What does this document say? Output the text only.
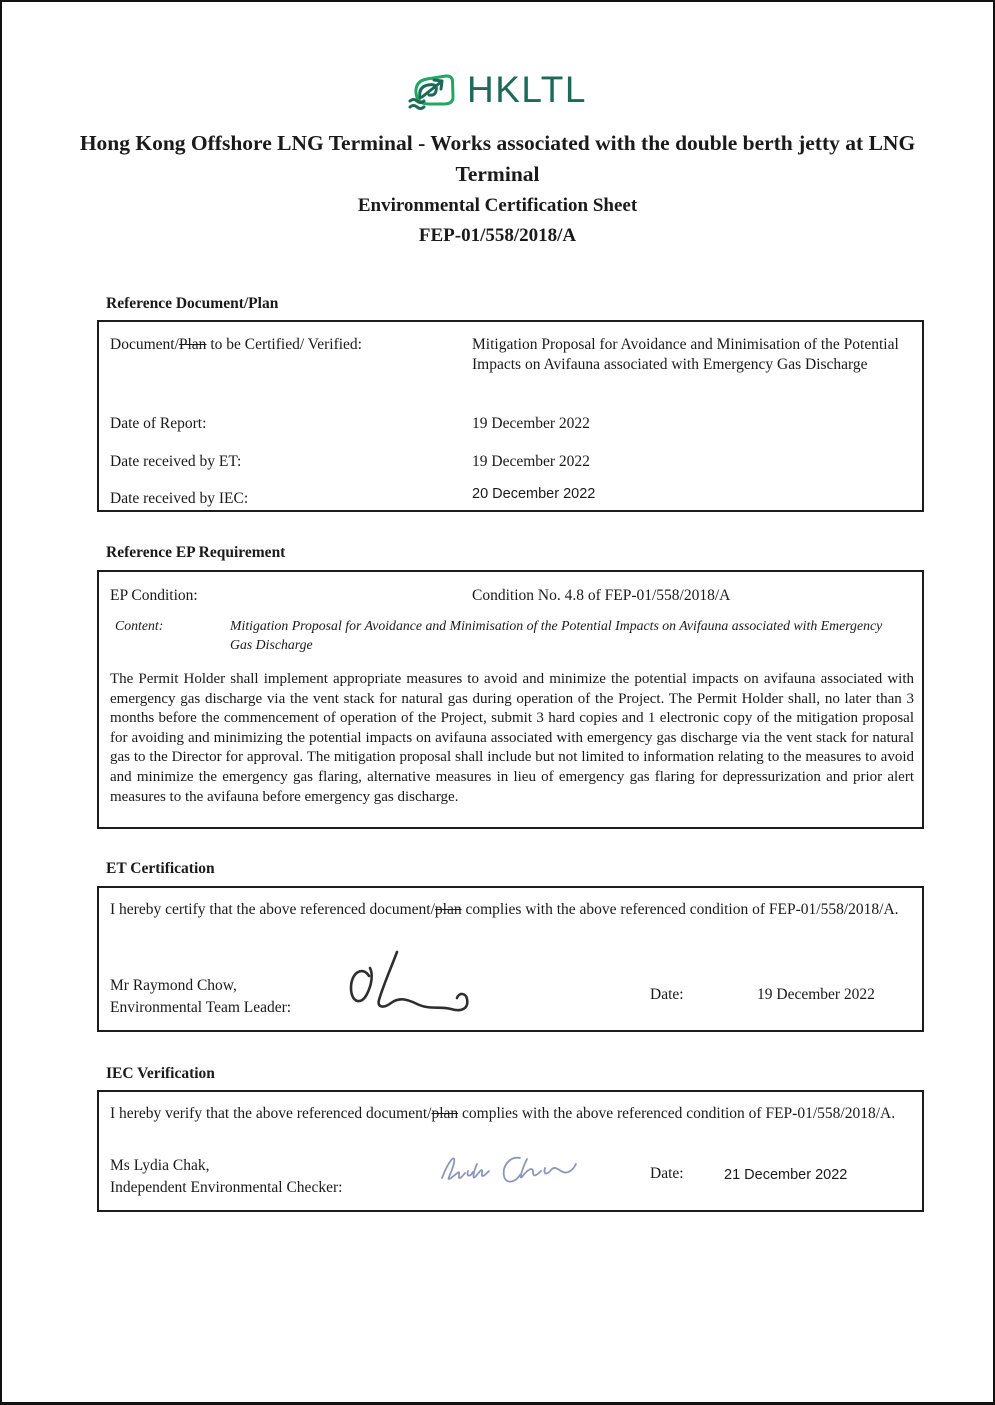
HKLTL
Hong Kong Offshore LNG Terminal - Works associated with the double berth jetty at LNG Terminal
Environmental Certification Sheet
FEP-01/558/2018/A
Reference Document/Plan
Document/Plan to be Certified/ Verified:	Mitigation Proposal for Avoidance and Minimisation of the Potential Impacts on Avifauna associated with Emergency Gas Discharge
Date of Report:	19 December 2022
Date received by ET:	19 December 2022
Date received by IEC:	20 December 2022
Reference EP Requirement
EP Condition:	Condition No. 4.8 of FEP-01/558/2018/A
Content:	Mitigation Proposal for Avoidance and Minimisation of the Potential Impacts on Avifauna associated with Emergency Gas Discharge
The Permit Holder shall implement appropriate measures to avoid and minimize the potential impacts on avifauna associated with emergency gas discharge via the vent stack for natural gas during operation of the Project. The Permit Holder shall, no later than 3 months before the commencement of operation of the Project, submit 3 hard copies and 1 electronic copy of the mitigation proposal for avoiding and minimizing the potential impacts on avifauna associated with emergency gas discharge via the vent stack for natural gas to the Director for approval. The mitigation proposal shall include but not limited to information relating to the measures to avoid and minimize the emergency gas flaring, alternative measures in lieu of emergency gas flaring for depressurization and prior alert measures to the avifauna before emergency gas discharge.
ET Certification
I hereby certify that the above referenced document/plan complies with the above referenced condition of FEP-01/558/2018/A.
Mr Raymond Chow,
Environmental Team Leader:
Date:	19 December 2022
IEC Verification
I hereby verify that the above referenced document/plan complies with the above referenced condition of FEP-01/558/2018/A.
Ms Lydia Chak,
Independent Environmental Checker:
Date:	21 December 2022
